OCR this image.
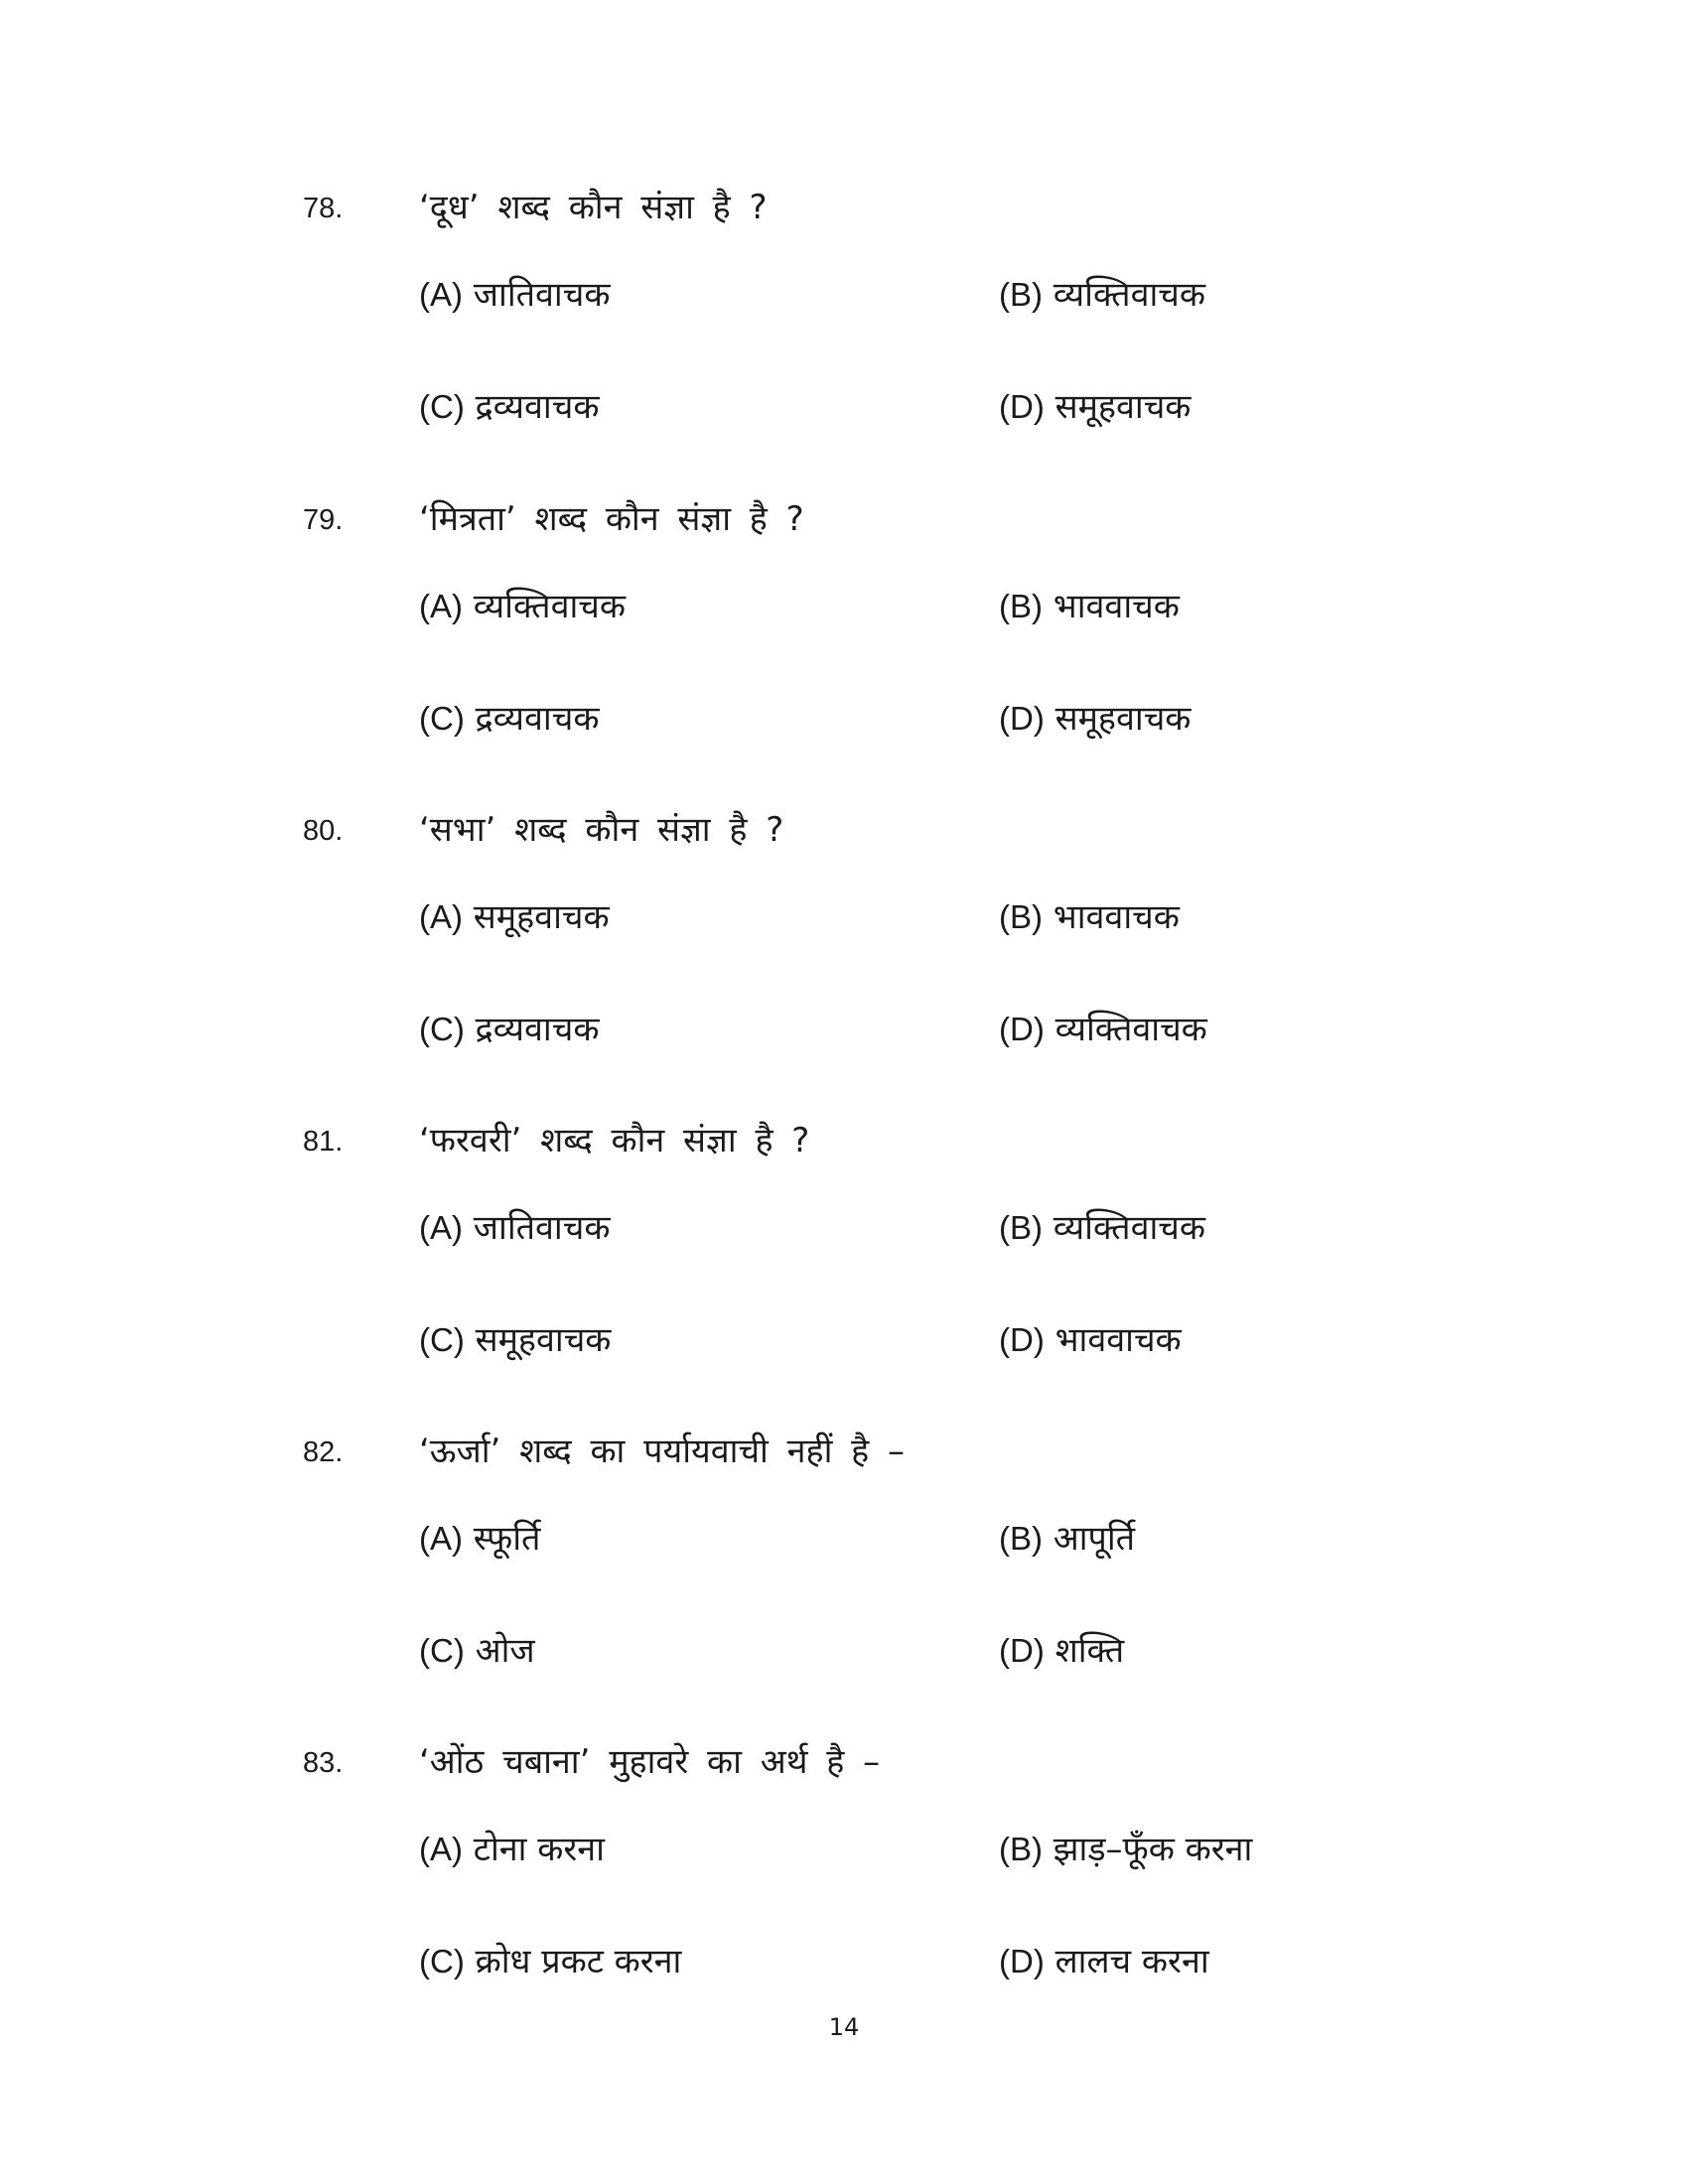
78. ‘दूध’ शब्द कौन संज्ञा है ?
(A) जातिवाचक	(B) व्यक्तिवाचक
(C) द्रव्यवाचक	(D) समूहवाचक
79. ‘मित्रता’ शब्द कौन संज्ञा है ?
(A) व्यक्तिवाचक	(B) भाववाचक
(C) द्रव्यवाचक	(D) समूहवाचक
80. ‘सभा’ शब्द कौन संज्ञा है ?
(A) समूहवाचक	(B) भाववाचक
(C) द्रव्यवाचक	(D) व्यक्तिवाचक
81. ‘फरवरी’ शब्द कौन संज्ञा है ?
(A) जातिवाचक	(B) व्यक्तिवाचक
(C) समूहवाचक	(D) भाववाचक
82. ‘ऊर्जा’ शब्द का पर्यायवाची नहीं है –
(A) स्फूर्ति	(B) आपूर्ति
(C) ओज	(D) शक्ति
83. ‘ओंठ चबाना’ मुहावरे का अर्थ है –
(A) टोना करना	(B) झाड़–फूँक करना
(C) क्रोध प्रकट करना	(D) लालच करना
14
